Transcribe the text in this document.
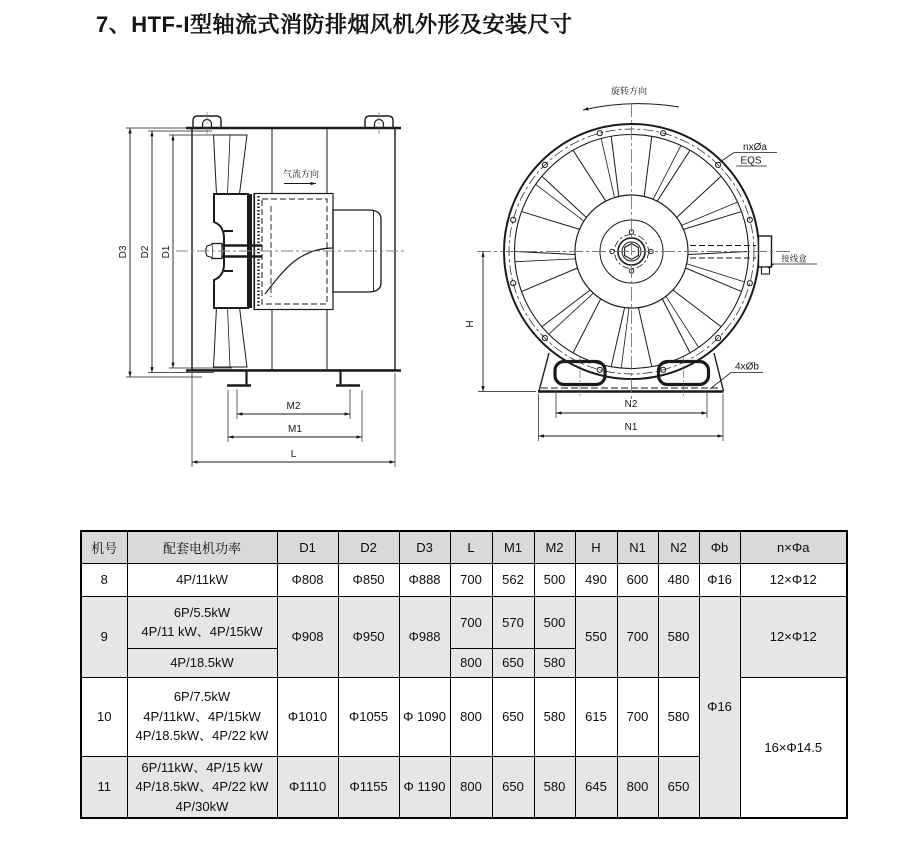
7、HTF-I型轴流式消防排烟风机外形及安装尺寸
气流方向
D3 D2 D1
M2
M1
L
旋转方向
nxØa
EQS
接线盒
4xØb
H
N2
N1
机号	配套电机功率	D1	D2	D3	L	M1	M2	H	N1	N2	Φb	n×Φa
8	4P/11kW	Φ808	Φ850	Φ888	700	562	500	490	600	480	Φ16	12×Φ12
9	6P/5.5kW
4P/11 kW、4P/15kW	Φ908	Φ950	Φ988	700	570	500	550	700	580	Φ16	12×Φ12
	4P/18.5kW				800	650	580					
10	6P/7.5kW
4P/11kW、4P/15kW
4P/18.5kW、4P/22 kW	Φ1010	Φ1055	Φ 1090	800	650	580	615	700	580		16×Φ14.5
11	6P/11kW、4P/15 kW
4P/18.5kW、4P/22 kW
4P/30kW	Φ1110	Φ1155	Φ 1190	800	650	580	645	800	650		
